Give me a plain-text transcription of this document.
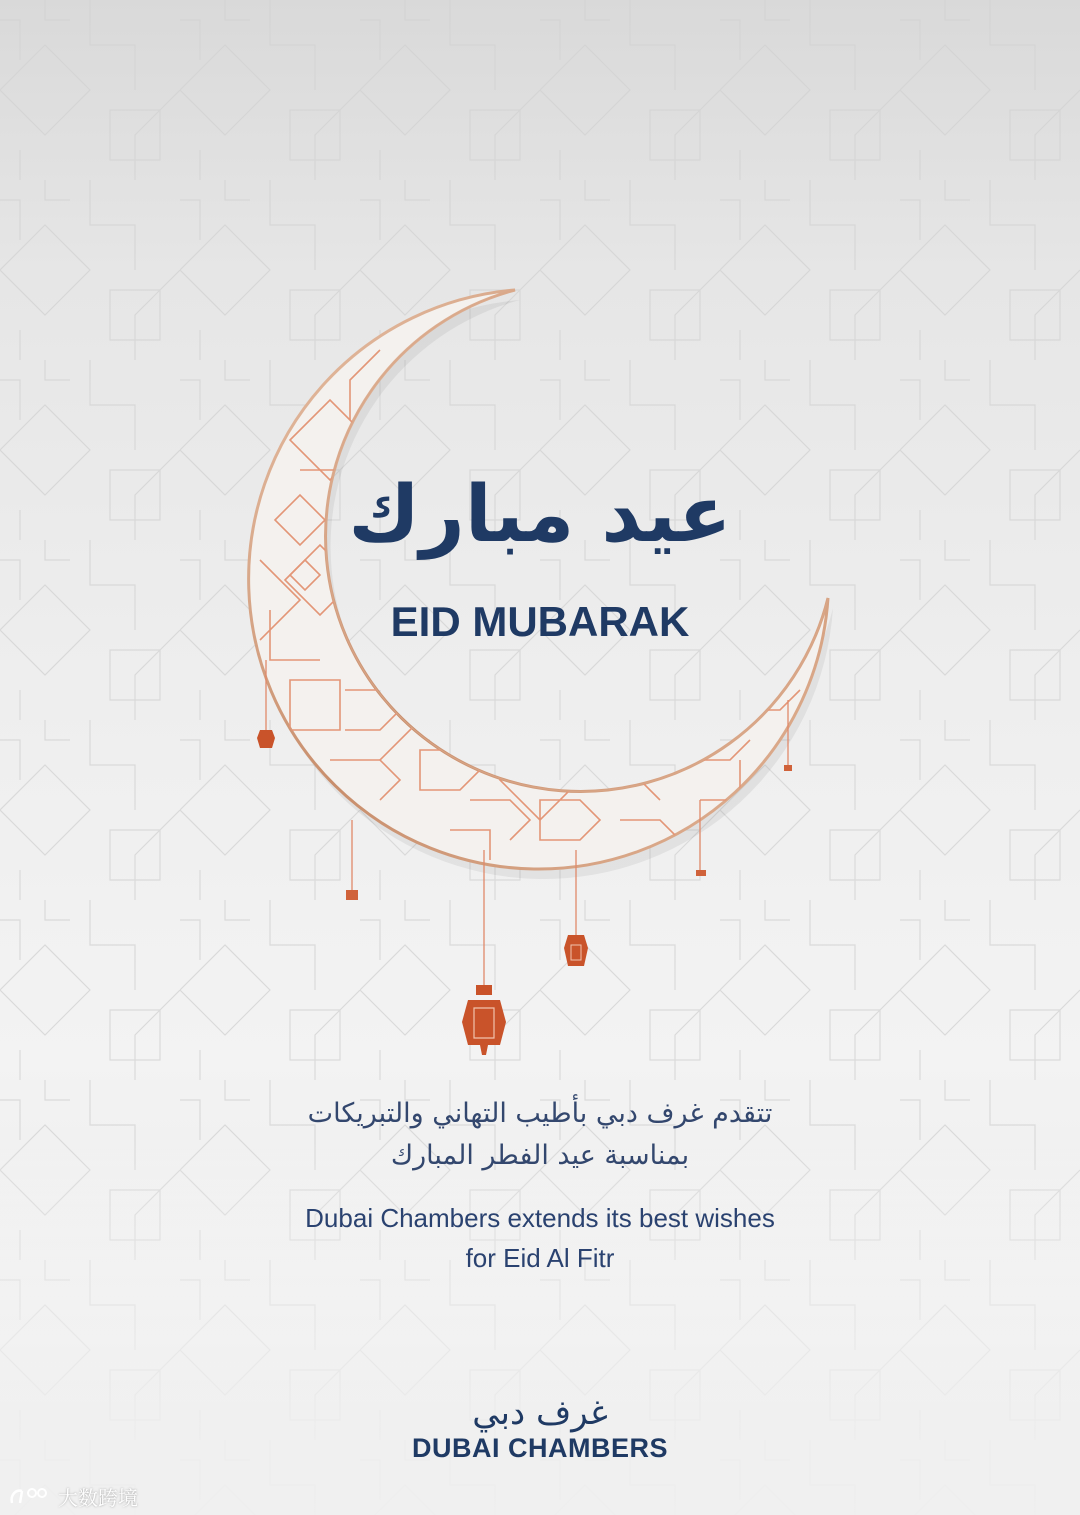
عيد مبارك
EID MUBARAK
تتقدم غرف دبي بأطيب التهاني والتبريكات
بمناسبة عيد الفطر المبارك
Dubai Chambers extends its best wishes
for Eid Al Fitr
غرف دبي
DUBAI CHAMBERS
大数跨境
